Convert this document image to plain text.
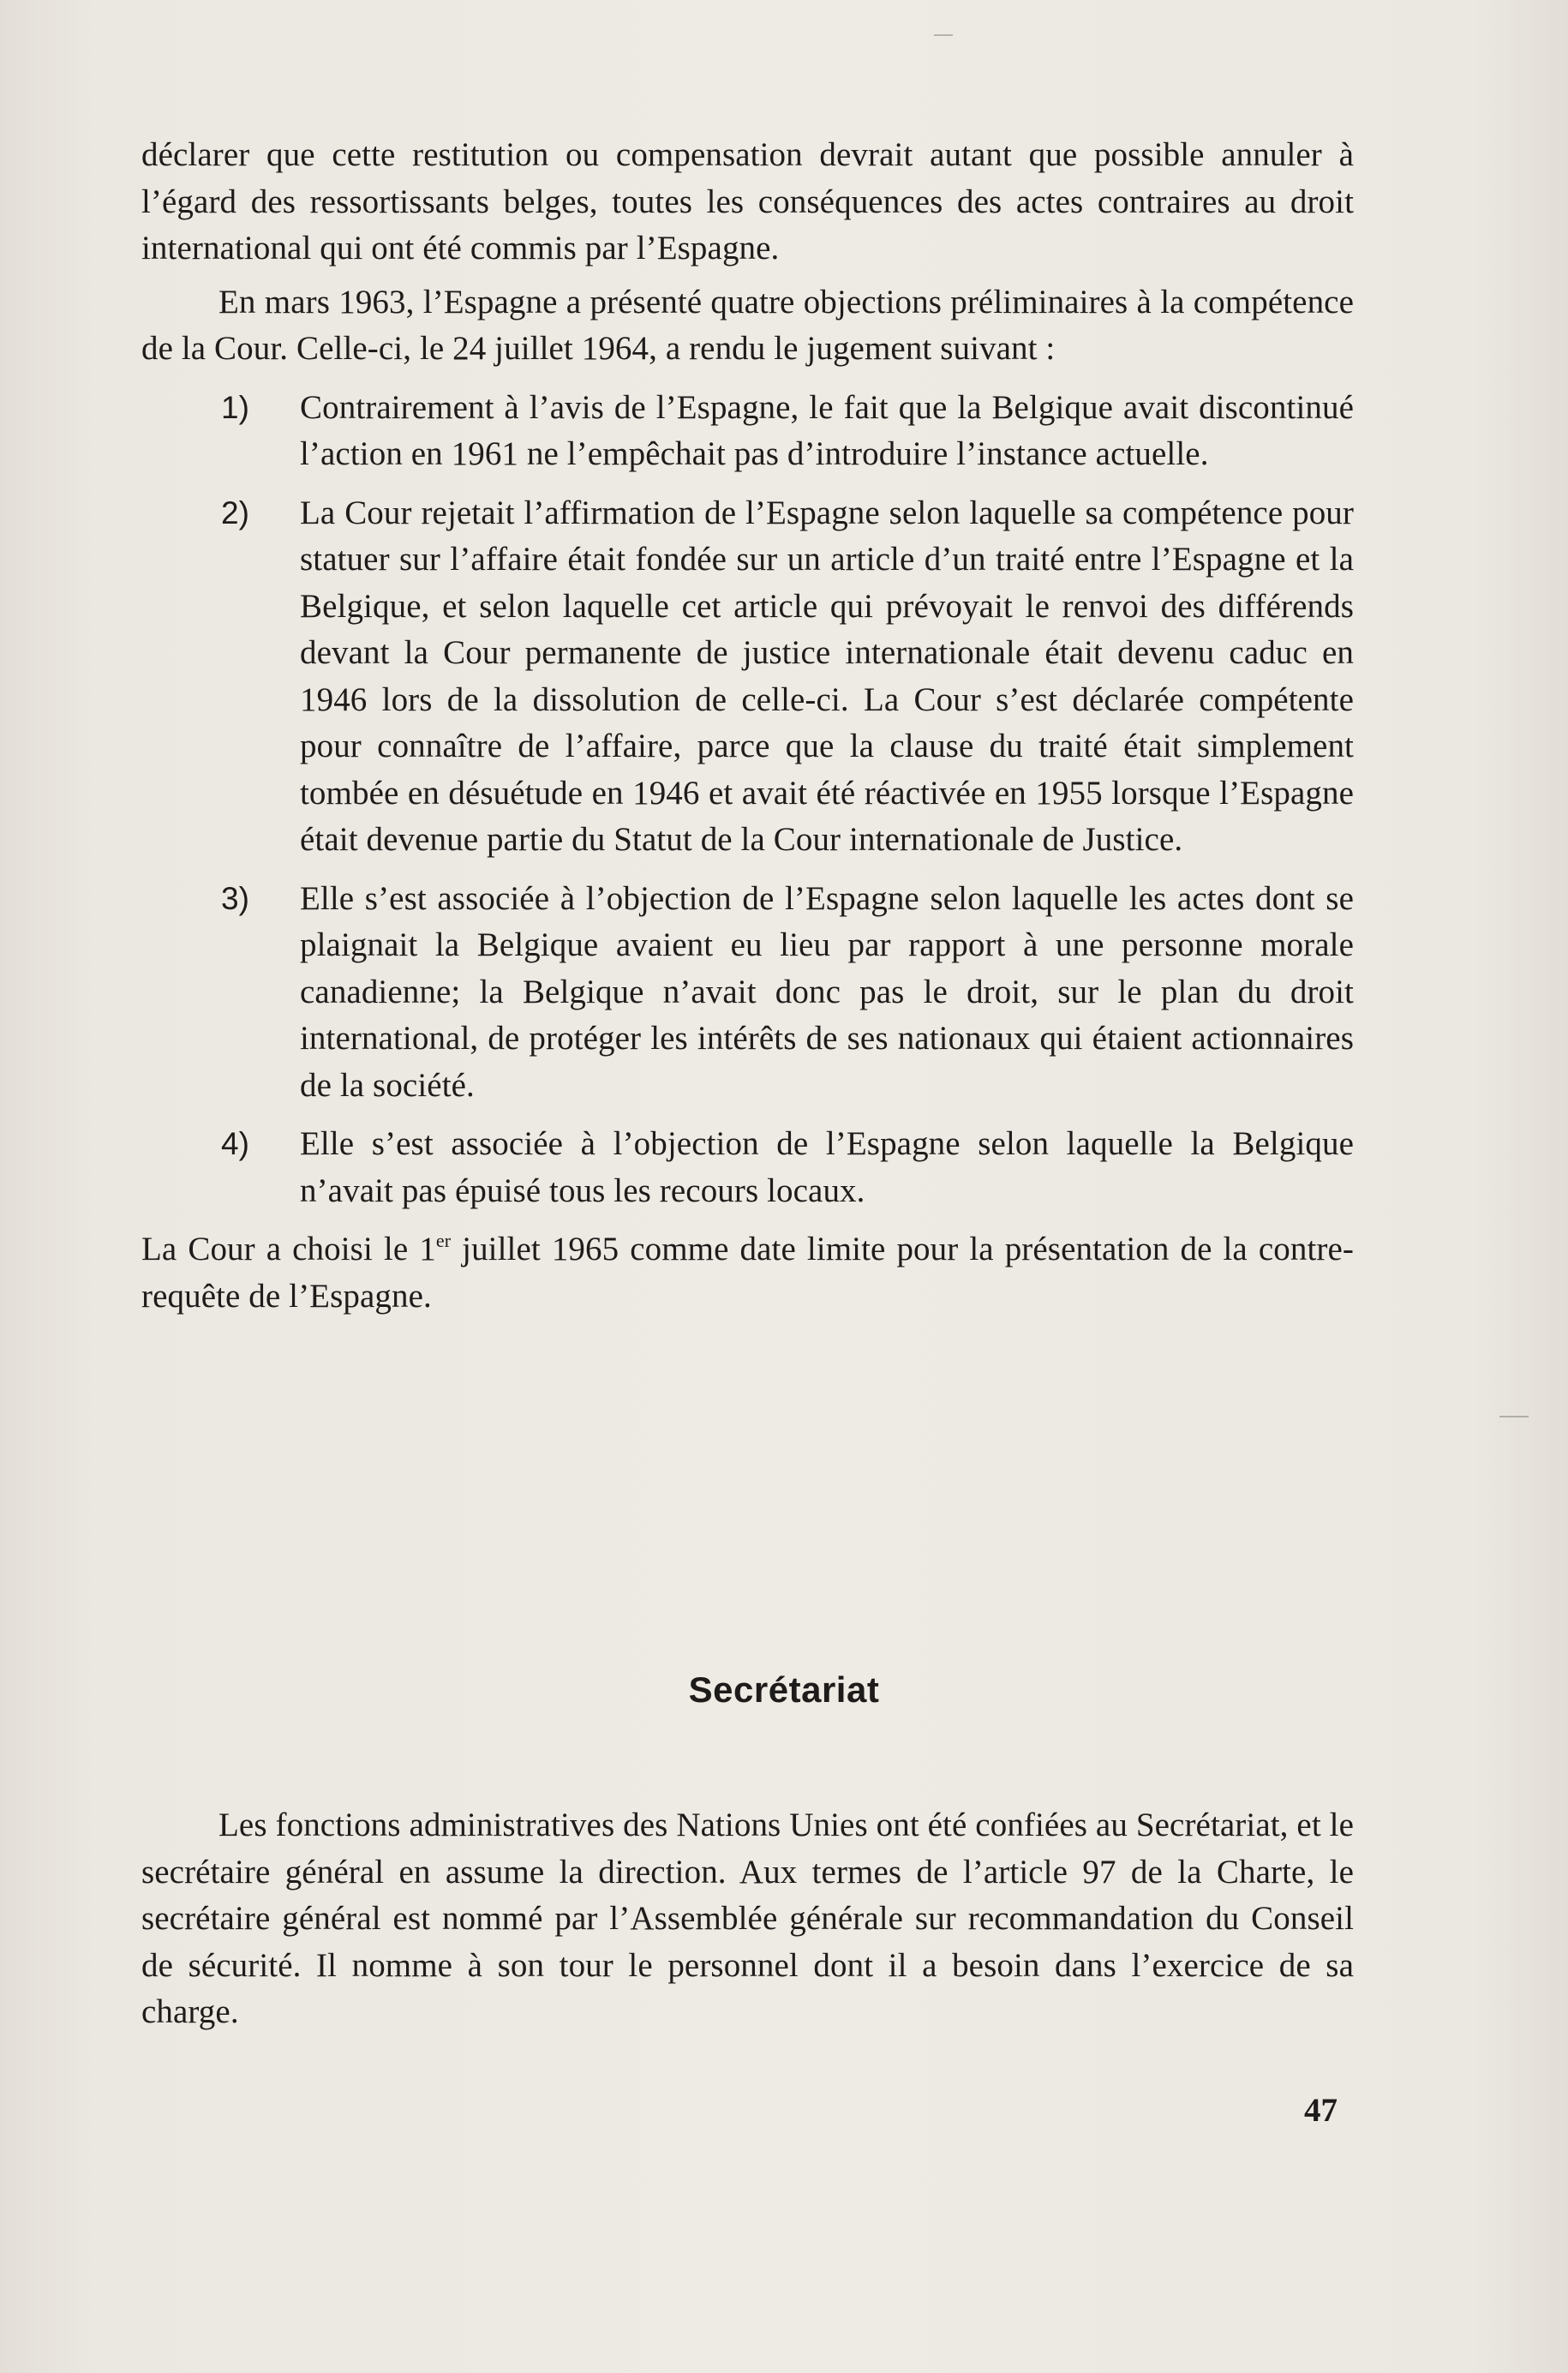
déclarer que cette restitution ou compensation devrait autant que possible annuler à l’égard des ressortissants belges, toutes les conséquences des actes contraires au droit international qui ont été commis par l’Espagne.

En mars 1963, l’Espagne a présenté quatre objections préliminaires à la compétence de la Cour. Celle-ci, le 24 juillet 1964, a rendu le jugement suivant :

1) Contrairement à l’avis de l’Espagne, le fait que la Belgique avait discontinué l’action en 1961 ne l’empêchait pas d’introduire l’instance actuelle.
2) La Cour rejetait l’affirmation de l’Espagne selon laquelle sa compétence pour statuer sur l’affaire était fondée sur un article d’un traité entre l’Espagne et la Belgique, et selon laquelle cet article qui prévoyait le renvoi des différends devant la Cour permanente de justice internationale était devenu caduc en 1946 lors de la dissolution de celle-ci. La Cour s’est déclarée compétente pour connaître de l’affaire, parce que la clause du traité était simplement tombée en désuétude en 1946 et avait été réactivée en 1955 lorsque l’Espagne était devenue partie du Statut de la Cour internationale de Justice.
3) Elle s’est associée à l’objection de l’Espagne selon laquelle les actes dont se plaignait la Belgique avaient eu lieu par rapport à une personne morale canadienne; la Belgique n’avait donc pas le droit, sur le plan du droit international, de protéger les intérêts de ses nationaux qui étaient actionnaires de la société.
4) Elle s’est associée à l’objection de l’Espagne selon laquelle la Belgique n’avait pas épuisé tous les recours locaux.

La Cour a choisi le 1er juillet 1965 comme date limite pour la présentation de la contre-requête de l’Espagne.

Secrétariat

Les fonctions administratives des Nations Unies ont été confiées au Secrétariat, et le secrétaire général en assume la direction. Aux termes de l’article 97 de la Charte, le secrétaire général est nommé par l’Assemblée générale sur recommandation du Conseil de sécurité. Il nomme à son tour le personnel dont il a besoin dans l’exercice de sa charge.

47
